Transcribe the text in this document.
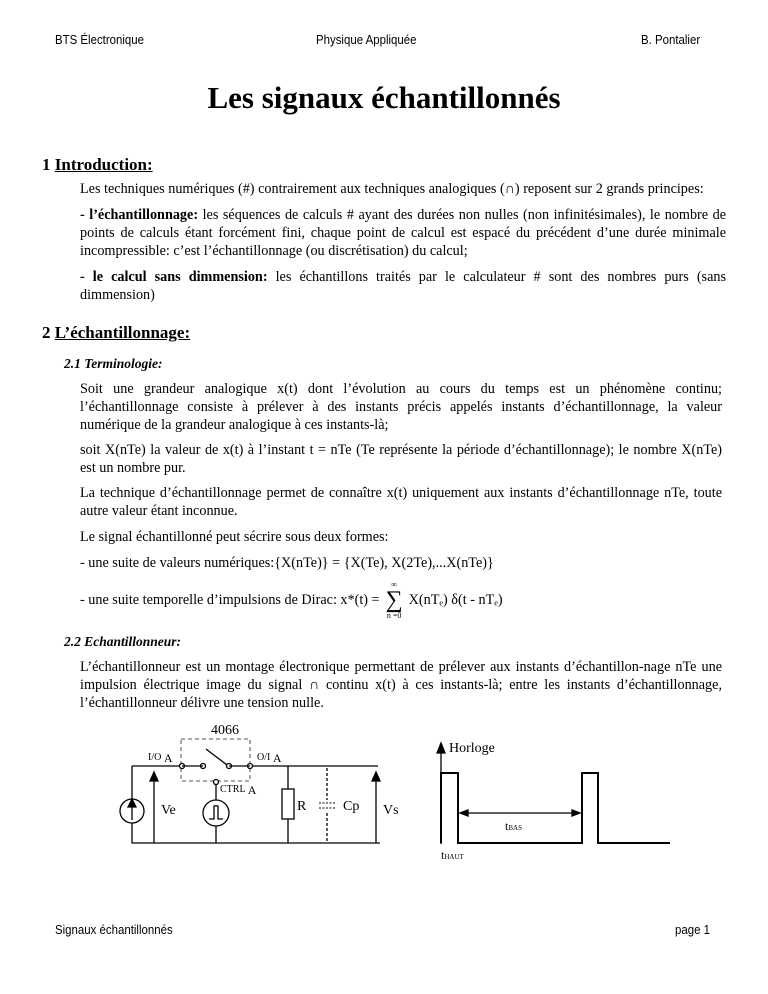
BTS Électronique	Physique Appliquée	B. Pontalier
Les signaux échantillonnés
1 Introduction:
Les techniques numériques (#) contrairement aux techniques analogiques (∩) reposent sur 2 grands principes:
- l’échantillonnage: les séquences de calculs # ayant des durées non nulles (non infinitésimales), le nombre de points de calculs étant forcément fini, chaque point de calcul est espacé du précédent d’une durée minimale incompressible: c’est l’échantillonnage (ou discrétisation) du calcul;
- le calcul sans dimmension: les échantillons traités par le calculateur # sont des nombres purs (sans dimmension)
2 L’échantillonnage:
2.1 Terminologie:
Soit une grandeur analogique x(t) dont l’évolution au cours du temps est un phénomène continu; l’échantillonnage consiste à prélever à des instants précis appelés instants d’échantillonnage, la valeur numérique de la grandeur analogique à ces instants-là;
soit X(nTe) la valeur de x(t) à l’instant t = nTe (Te représente la période d’échantillonnage); le nombre X(nTe) est un nombre pur.
La technique d’échantillonnage permet de connaître x(t) uniquement aux instants d’échantillonnage nTe, toute autre valeur étant inconnue.
Le signal échantillonné peut sécrire sous deux formes:
- une suite de valeurs numériques:{X(nTe)} = {X(Te), X(2Te),...X(nTe)}
- une suite temporelle d’impulsions de Dirac: x*(t) =
∞
∑
n =0
X(nTₑ) δ(t - nTₑ)
2.2 Echantillonneur:
L’échantillonneur est un montage électronique permettant de prélever aux instants d’échantillon-nage nTe une impulsion électrique image du signal ∩ continu x(t) à ces instants-là; entre les instants d’échantillonnage, l’échantillonneur délivre une tension nulle.
4066
I/O A	O/I A
CTRL A
Ve	R	Cp Vs
Horloge
tBAS
tHAUT
Signaux échantillonnés	page 1
